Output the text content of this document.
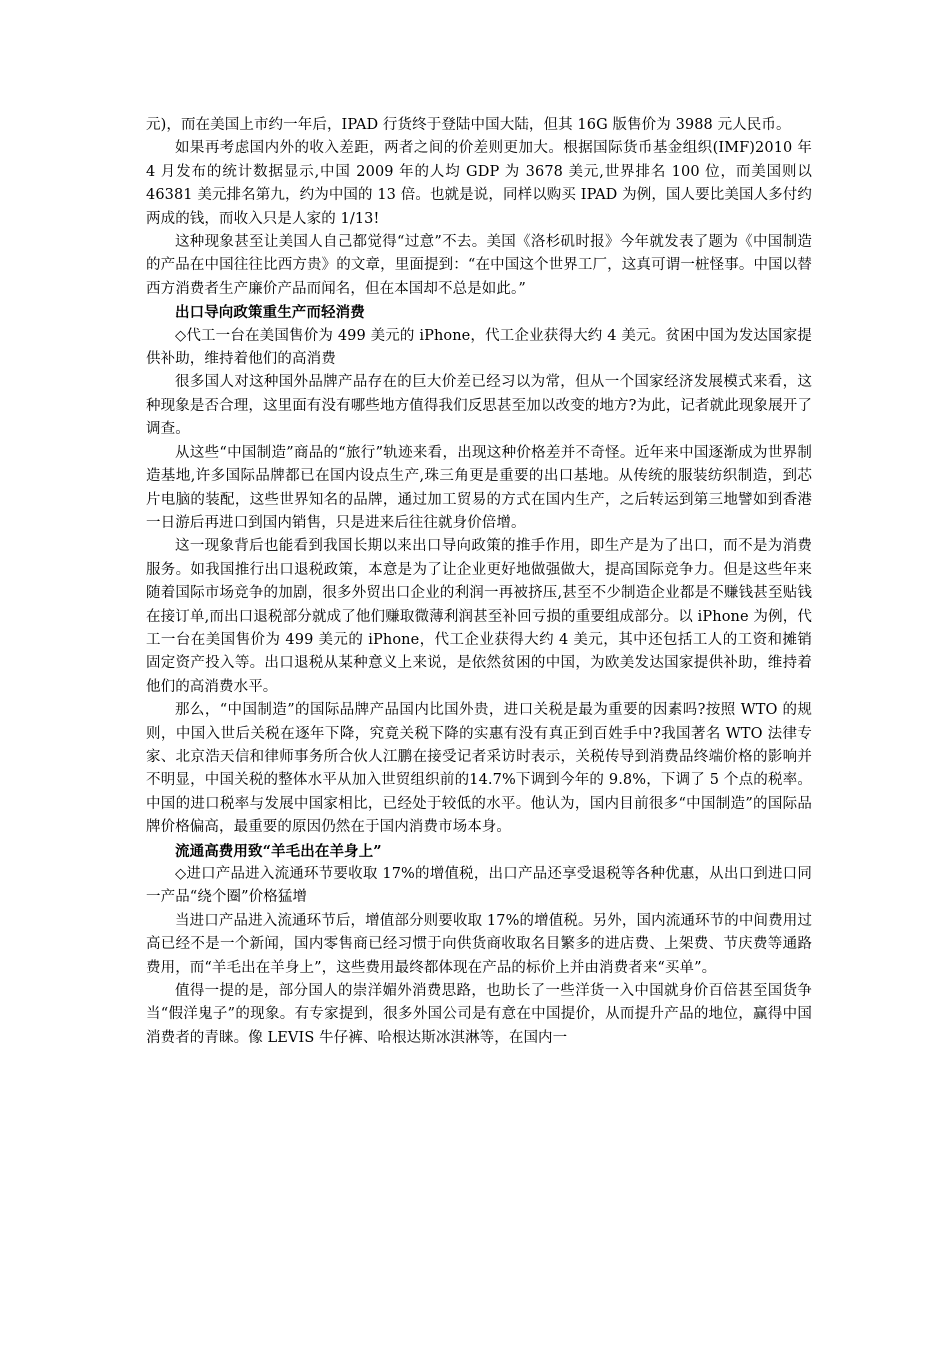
元)，而在美国上市约一年后，IPAD 行货终于登陆中国大陆，但其 16G 版售价为 3988 元人民币。

如果再考虑国内外的收入差距，两者之间的价差则更加大。根据国际货币基金组织(IMF)2010 年 4 月发布的统计数据显示,中国 2009 年的人均 GDP 为 3678 美元,世界排名 100 位，而美国则以 46381 美元排名第九，约为中国的 13 倍。也就是说，同样以购买 IPAD 为例，国人要比美国人多付约两成的钱，而收入只是人家的 1/13!

这种现象甚至让美国人自己都觉得“过意”不去。美国《洛杉矶时报》今年就发表了题为《中国制造的产品在中国往往比西方贵》的文章，里面提到：“在中国这个世界工厂，这真可谓一桩怪事。中国以替西方消费者生产廉价产品而闻名，但在本国却不总是如此。”

出口导向政策重生产而轻消费

◇代工一台在美国售价为 499 美元的 iPhone，代工企业获得大约 4 美元。贫困中国为发达国家提供补助，维持着他们的高消费

很多国人对这种国外品牌产品存在的巨大价差已经习以为常，但从一个国家经济发展模式来看，这种现象是否合理，这里面有没有哪些地方值得我们反思甚至加以改变的地方?为此，记者就此现象展开了调查。

从这些“中国制造”商品的“旅行”轨迹来看，出现这种价格差并不奇怪。近年来中国逐渐成为世界制造基地,许多国际品牌都已在国内设点生产,珠三角更是重要的出口基地。从传统的服装纺织制造，到芯片电脑的装配，这些世界知名的品牌，通过加工贸易的方式在国内生产，之后转运到第三地譬如到香港一日游后再进口到国内销售，只是进来后往往就身价倍增。

这一现象背后也能看到我国长期以来出口导向政策的推手作用，即生产是为了出口，而不是为消费服务。如我国推行出口退税政策，本意是为了让企业更好地做强做大，提高国际竞争力。但是这些年来随着国际市场竞争的加剧，很多外贸出口企业的利润一再被挤压,甚至不少制造企业都是不赚钱甚至贴钱在接订单,而出口退税部分就成了他们赚取微薄利润甚至补回亏损的重要组成部分。以 iPhone 为例，代工一台在美国售价为 499 美元的 iPhone，代工企业获得大约 4 美元，其中还包括工人的工资和摊销固定资产投入等。出口退税从某种意义上来说，是依然贫困的中国，为欧美发达国家提供补助，维持着他们的高消费水平。

那么，“中国制造”的国际品牌产品国内比国外贵，进口关税是最为重要的因素吗?按照 WTO 的规则，中国入世后关税在逐年下降，究竟关税下降的实惠有没有真正到百姓手中?我国著名 WTO 法律专家、北京浩天信和律师事务所合伙人江鹏在接受记者采访时表示，关税传导到消费品终端价格的影响并不明显，中国关税的整体水平从加入世贸组织前的14.7%下调到今年的 9.8%，下调了 5 个点的税率。中国的进口税率与发展中国家相比，已经处于较低的水平。他认为，国内目前很多“中国制造”的国际品牌价格偏高，最重要的原因仍然在于国内消费市场本身。

流通高费用致“羊毛出在羊身上”

◇进口产品进入流通环节要收取 17%的增值税，出口产品还享受退税等各种优惠，从出口到进口同一产品“绕个圈”价格猛增

当进口产品进入流通环节后，增值部分则要收取 17%的增值税。另外，国内流通环节的中间费用过高已经不是一个新闻，国内零售商已经习惯于向供货商收取名目繁多的进店费、上架费、节庆费等通路费用，而“羊毛出在羊身上”，这些费用最终都体现在产品的标价上并由消费者来“买单”。

值得一提的是，部分国人的崇洋媚外消费思路，也助长了一些洋货一入中国就身价百倍甚至国货争当“假洋鬼子”的现象。有专家提到，很多外国公司是有意在中国提价，从而提升产品的地位，赢得中国消费者的青睐。像 LEVIS 牛仔裤、哈根达斯冰淇淋等，在国内一
